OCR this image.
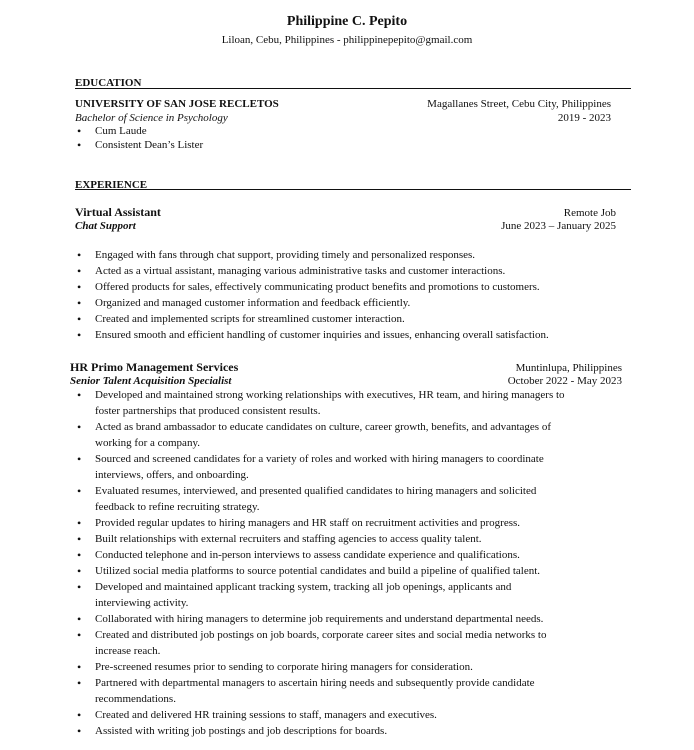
Philippine C. Pepito
Liloan, Cebu, Philippines - philippinepepito@gmail.com
EDUCATION
UNIVERSITY OF SAN JOSE RECLETOS	Magallanes Street, Cebu City, Philippines
Bachelor of Science in Psychology	2019 - 2023
• Cum Laude
• Consistent Dean’s Lister
EXPERIENCE
Virtual Assistant	Remote Job
Chat Support	June 2023 – January 2025
• Engaged with fans through chat support, providing timely and personalized responses.
• Acted as a virtual assistant, managing various administrative tasks and customer interactions.
• Offered products for sales, effectively communicating product benefits and promotions to customers.
• Organized and managed customer information and feedback efficiently.
• Created and implemented scripts for streamlined customer interaction.
• Ensured smooth and efficient handling of customer inquiries and issues, enhancing overall satisfaction.
HR Primo Management Services	Muntinlupa, Philippines
Senior Talent Acquisition Specialist	October 2022 - May 2023
• Developed and maintained strong working relationships with executives, HR team, and hiring managers to
foster partnerships that produced consistent results.
• Acted as brand ambassador to educate candidates on culture, career growth, benefits, and advantages of
working for a company.
• Sourced and screened candidates for a variety of roles and worked with hiring managers to coordinate
interviews, offers, and onboarding.
• Evaluated resumes, interviewed, and presented qualified candidates to hiring managers and solicited
feedback to refine recruiting strategy.
• Provided regular updates to hiring managers and HR staff on recruitment activities and progress.
• Built relationships with external recruiters and staffing agencies to access quality talent.
• Conducted telephone and in-person interviews to assess candidate experience and qualifications.
• Utilized social media platforms to source potential candidates and build a pipeline of qualified talent.
• Developed and maintained applicant tracking system, tracking all job openings, applicants and
interviewing activity.
• Collaborated with hiring managers to determine job requirements and understand departmental needs.
• Created and distributed job postings on job boards, corporate career sites and social media networks to
increase reach.
• Pre-screened resumes prior to sending to corporate hiring managers for consideration.
• Partnered with departmental managers to ascertain hiring needs and subsequently provide candidate
recommendations.
• Created and delivered HR training sessions to staff, managers and executives.
• Assisted with writing job postings and job descriptions for boards.
